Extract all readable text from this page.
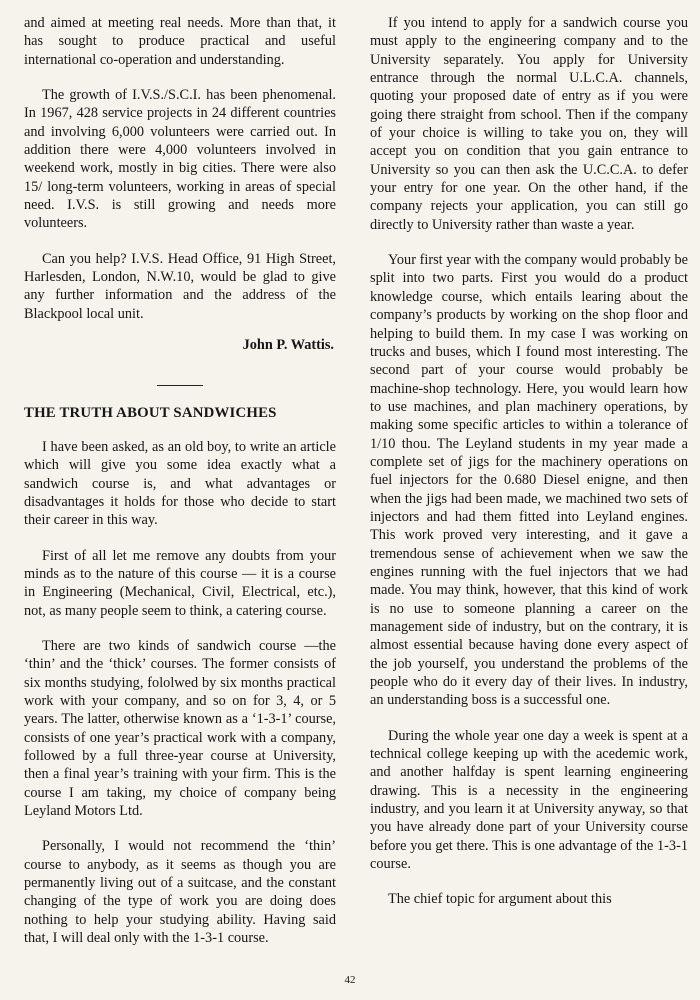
and aimed at meeting real needs. More than that, it has sought to produce practical and useful international co-operation and understanding.

The growth of I.V.S./S.C.I. has been phenomenal. In 1967, 428 service projects in 24 different countries and involving 6,000 volunteers were carried out. In addition there were 4,000 volunteers involved in weekend work, mostly in big cities. There were also 15/ long-term volunteers, working in areas of special need. I.V.S. is still growing and needs more volunteers.

Can you help? I.V.S. Head Office, 91 High Street, Harlesden, London, N.W.10, would be glad to give any further information and the address of the Blackpool local unit.

John P. Wattis.
THE TRUTH ABOUT SANDWICHES

I have been asked, as an old boy, to write an article which will give you some idea exactly what a sandwich course is, and what advantages or disadvantages it holds for those who decide to start their career in this way.

First of all let me remove any doubts from your minds as to the nature of this course — it is a course in Engineering (Mechanical, Civil, Electrical, etc.), not, as many people seem to think, a catering course.

There are two kinds of sandwich course —the ‘thin’ and the ‘thick’ courses. The former consists of six months studying, fololwed by six months practical work with your company, and so on for 3, 4, or 5 years. The latter, otherwise known as a ‘1-3-1’ course, consists of one year’s practical work with a company, followed by a full three-year course at University, then a final year’s training with your firm. This is the course I am taking, my choice of company being Leyland Motors Ltd.

Personally, I would not recommend the ‘thin’ course to anybody, as it seems as though you are permanently living out of a suitcase, and the constant changing of the type of work you are doing does nothing to help your studying ability. Having said that, I will deal only with the 1-3-1 course.

If you intend to apply for a sandwich course you must apply to the engineering company and to the University separately. You apply for University entrance through the normal U.L.C.A. channels, quoting your proposed date of entry as if you were going there straight from school. Then if the company of your choice is willing to take you on, they will accept you on condition that you gain entrance to University so you can then ask the U.C.C.A. to defer your entry for one year. On the other hand, if the company rejects your application, you can still go directly to University rather than waste a year.

Your first year with the company would probably be split into two parts. First you would do a product knowledge course, which entails learing about the company’s products by working on the shop floor and helping to build them. In my case I was working on trucks and buses, which I found most interesting. The second part of your course would probably be machine-shop technology. Here, you would learn how to use machines, and plan machinery operations, by making some specific articles to within a tolerance of 1/10 thou. The Leyland students in my year made a complete set of jigs for the machinery operations on fuel injectors for the 0.680 Diesel enigne, and then when the jigs had been made, we machined two sets of injectors and had them fitted into Leyland engines. This work proved very interesting, and it gave a tremendous sense of achievement when we saw the engines running with the fuel injectors that we had made. You may think, however, that this kind of work is no use to someone planning a career on the management side of industry, but on the contrary, it is almost essential because having done every aspect of the job yourself, you understand the problems of the people who do it every day of their lives. In industry, an understanding boss is a successful one.

During the whole year one day a week is spent at a technical college keeping up with the acedemic work, and another halfday is spent learning engineering drawing. This is a necessity in the engineering industry, and you learn it at University anyway, so that you have already done part of your University course before you get there. This is one advantage of the 1-3-1 course.

The chief topic for argument about this

42
